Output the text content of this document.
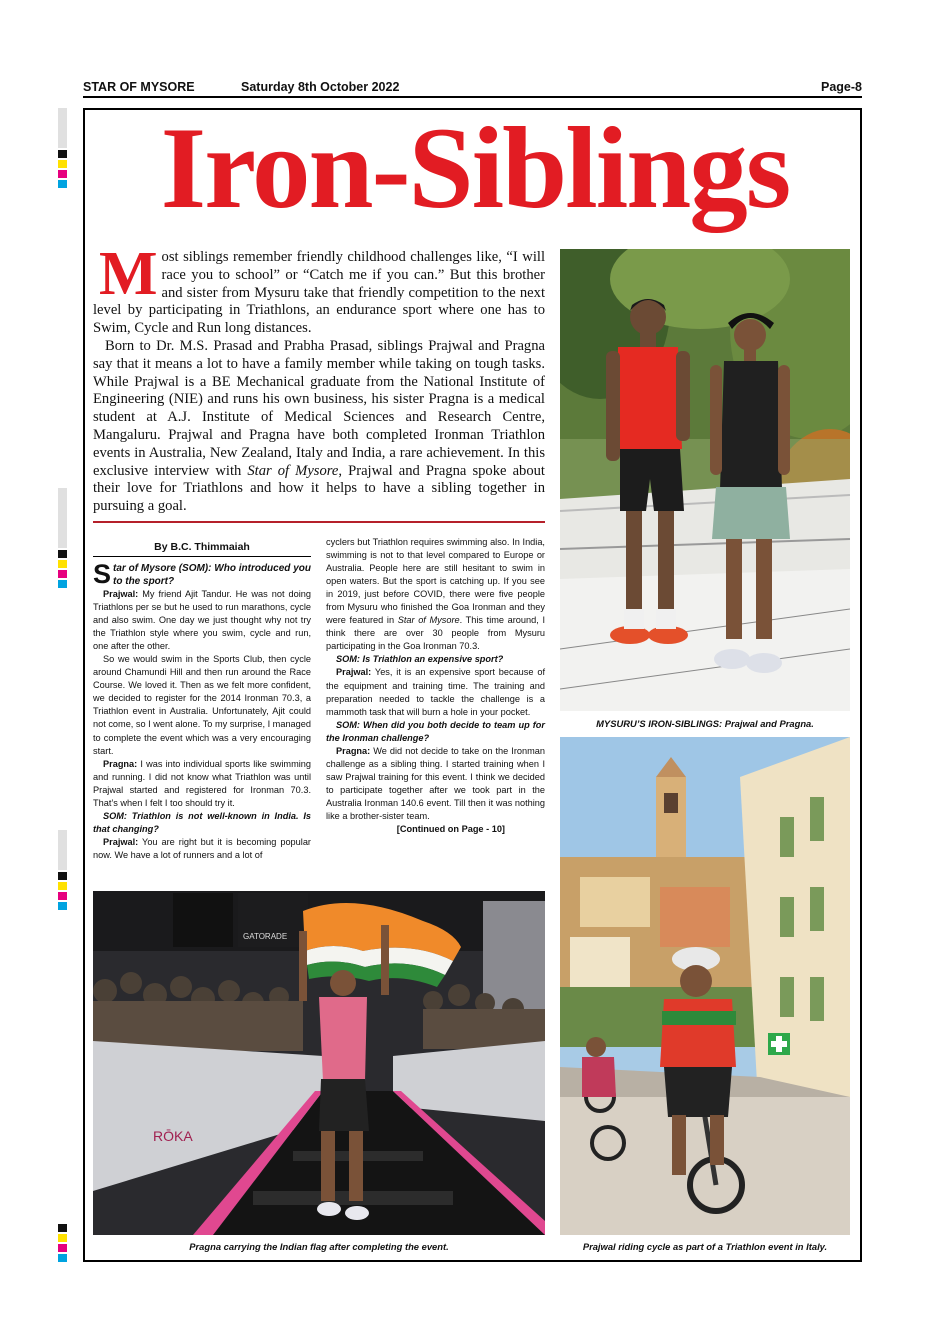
STAR OF MYSORE	Saturday 8th October 2022	Page-8
Iron-Siblings

Most siblings remember friendly childhood challenges like, “I will race you to school” or “Catch me if you can.” But this brother and sister from Mysuru take that friendly competition to the next level by participating in Triathlons, an endurance sport where one has to Swim, Cycle and Run long distances.

Born to Dr. M.S. Prasad and Prabha Prasad, siblings Prajwal and Pragna say that it means a lot to have a family member while taking on tough tasks. While Prajwal is a BE Mechanical graduate from the National Institute of Engineering (NIE) and runs his own business, his sister Pragna is a medical student at A.J. Institute of Medical Sciences and Research Centre, Mangaluru. Prajwal and Pragna have both completed Ironman Triathlon events in Australia, New Zealand, Italy and India, a rare achievement. In this exclusive interview with Star of Mysore, Prajwal and Pragna spoke about their love for Triathlons and how it helps to have a sibling together in pursuing a goal.

By B.C. Thimmaiah

Star of Mysore (SOM): Who introduced you to the sport?

Prajwal: My friend Ajit Tandur. He was not doing Triathlons per se but he used to run marathons, cycle and also swim. One day we just thought why not try the Triathlon style where you swim, cycle and run, one after the other.

So we would swim in the Sports Club, then cycle around Chamundi Hill and then run around the Race Course. We loved it. Then as we felt more confident, we decided to register for the 2014 Ironman 70.3, a Triathlon event in Australia. Unfortunately, Ajit could not come, so I went alone. To my surprise, I managed to complete the event which was a very encouraging start.

Pragna: I was into individual sports like swimming and running. I did not know what Triathlon was until Prajwal started and registered for Ironman 70.3. That’s when I felt I too should try it.

SOM: Triathlon is not well-known in India. Is that changing?

Prajwal: You are right but it is becoming popular now. We have a lot of runners and a lot of

cyclers but Triathlon requires swimming also. In India, swimming is not to that level compared to Europe or Australia. People here are still hesitant to swim in open waters. But the sport is catching up. If you see in 2019, just before COVID, there were five people from Mysuru who finished the Goa Ironman and they were featured in Star of Mysore. This time around, I think there are over 30 people from Mysuru participating in the Goa Ironman 70.3.

SOM: Is Triathlon an expensive sport?

Prajwal: Yes, it is an expensive sport because of the equipment and training time. The training and preparation needed to tackle the challenge is a mammoth task that will burn a hole in your pocket.

SOM: When did you both decide to team up for the Ironman challenge?

Pragna: We did not decide to take on the Ironman challenge as a sibling thing. I started training when I saw Prajwal training for this event. I think we decided to participate together after we took part in the Australia Ironman 140.6 event. Till then it was nothing like a brother-sister team.

[Continued on Page - 10]

MYSURU’S IRON-SIBLINGS: Prajwal and Pragna.
GATORADE
RŌKA
Pragna carrying the Indian flag after completing the event.	Prajwal riding cycle as part of a Triathlon event in Italy.
